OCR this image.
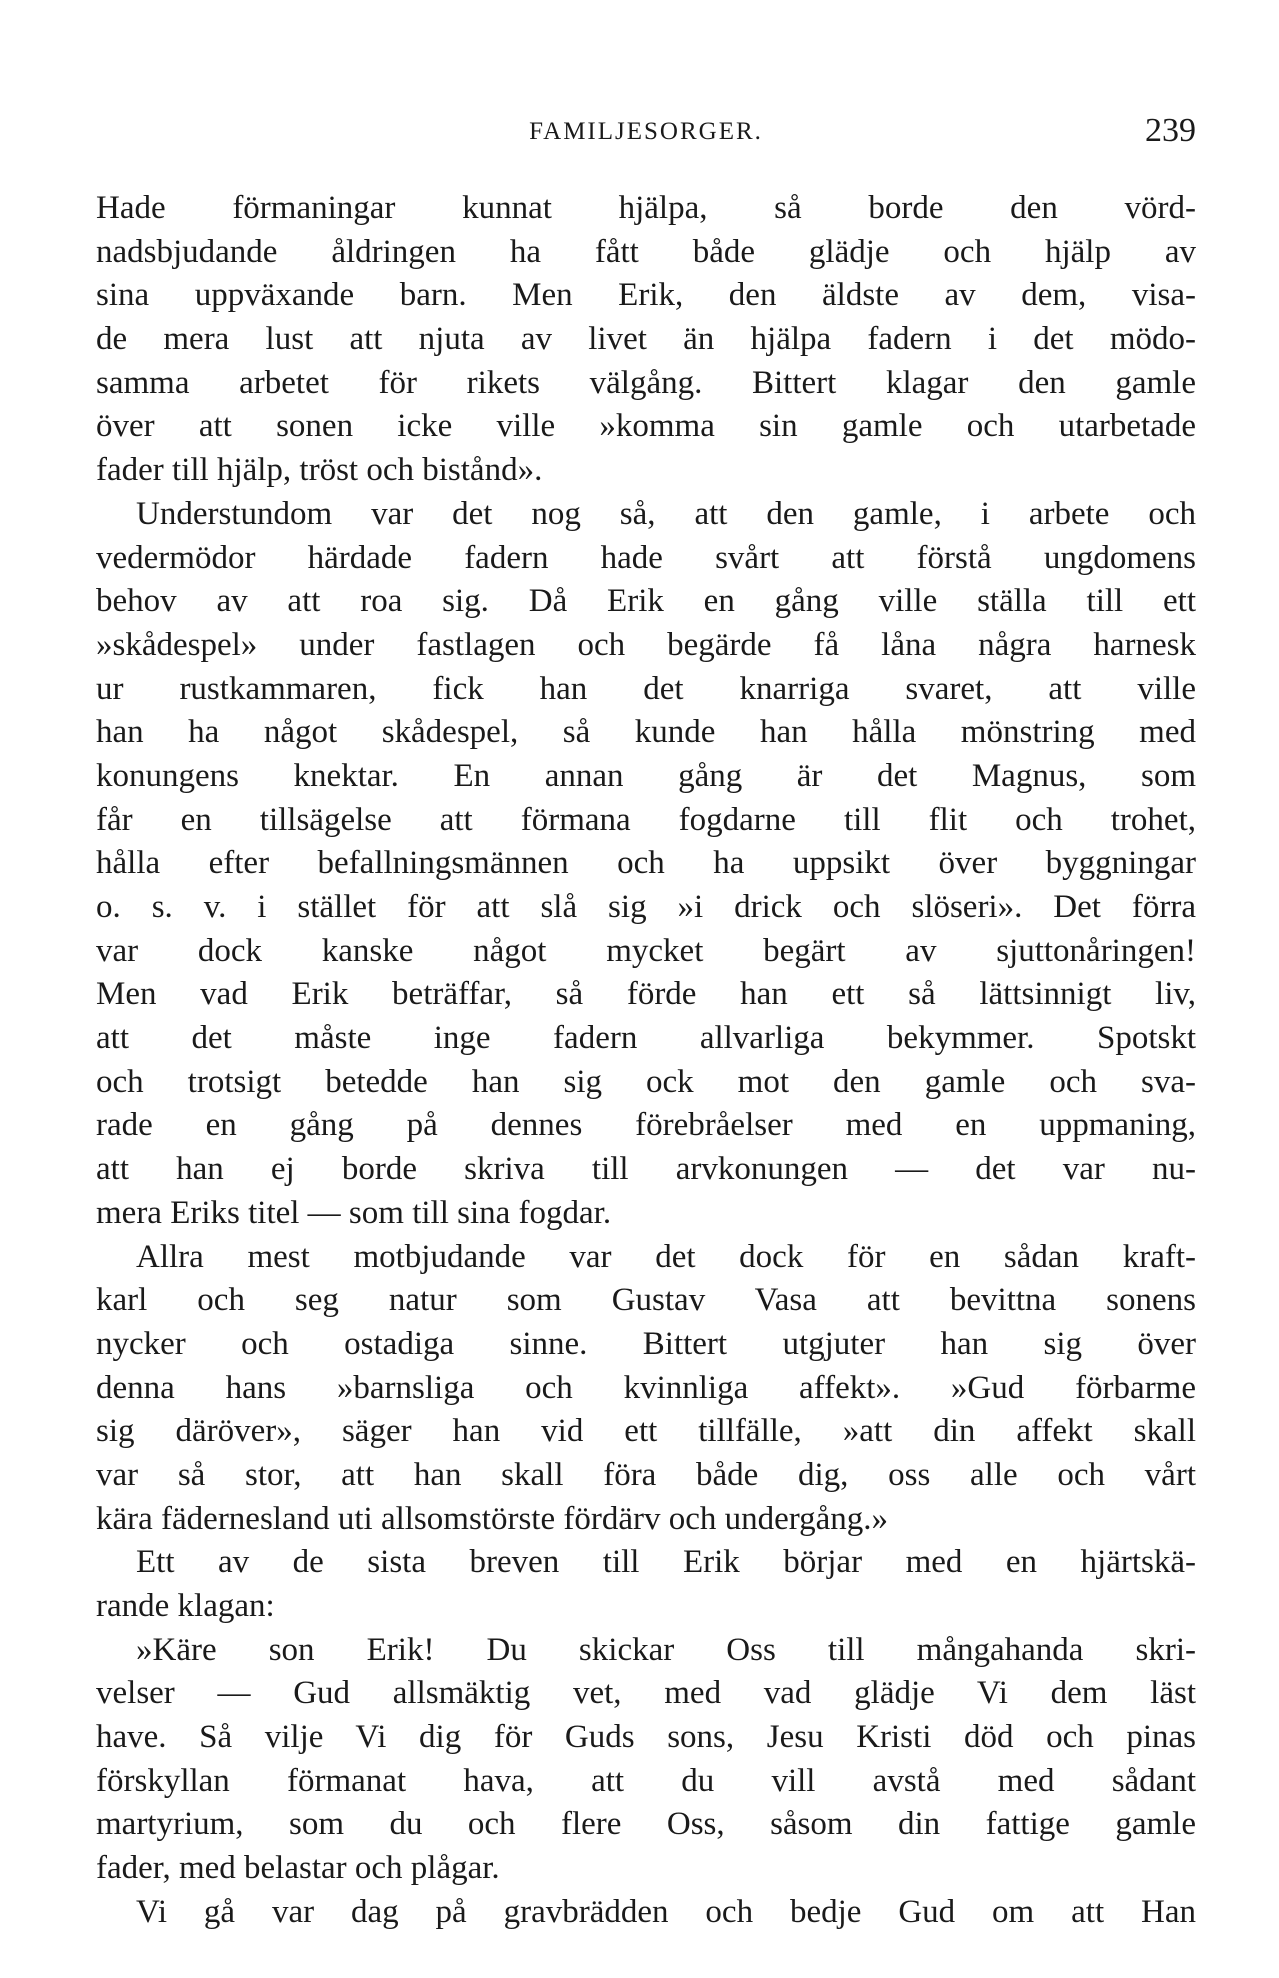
FAMILJESORGER.	239
Hade förmaningar kunnat hjälpa, så borde den vörd-
nadsbjudande åldringen ha fått både glädje och hjälp av
sina uppväxande barn. Men Erik, den äldste av dem, visa-
de mera lust att njuta av livet än hjälpa fadern i det mödo-
samma arbetet för rikets välgång. Bittert klagar den gamle
över att sonen icke ville »komma sin gamle och utarbetade
fader till hjälp, tröst och bistånd».
Understundom var det nog så, att den gamle, i arbete och
vedermödor härdade fadern hade svårt att förstå ungdomens
behov av att roa sig. Då Erik en gång ville ställa till ett
»skådespel» under fastlagen och begärde få låna några harnesk
ur rustkammaren, fick han det knarriga svaret, att ville
han ha något skådespel, så kunde han hålla mönstring med
konungens knektar. En annan gång är det Magnus, som
får en tillsägelse att förmana fogdarne till flit och trohet,
hålla efter befallningsmännen och ha uppsikt över byggningar
o. s. v. i stället för att slå sig »i drick och slöseri». Det förra
var dock kanske något mycket begärt av sjuttonåringen!
Men vad Erik beträffar, så förde han ett så lättsinnigt liv,
att det måste inge fadern allvarliga bekymmer. Spotskt
och trotsigt betedde han sig ock mot den gamle och sva-
rade en gång på dennes förebråelser med en uppmaning,
att han ej borde skriva till arvkonungen — det var nu-
mera Eriks titel — som till sina fogdar.
Allra mest motbjudande var det dock för en sådan kraft-
karl och seg natur som Gustav Vasa att bevittna sonens
nycker och ostadiga sinne. Bittert utgjuter han sig över
denna hans »barnsliga och kvinnliga affekt». »Gud förbarme
sig däröver», säger han vid ett tillfälle, »att din affekt skall
var så stor, att han skall föra både dig, oss alle och vårt
kära fädernesland uti allsomstörste fördärv och undergång.»
Ett av de sista breven till Erik börjar med en hjärtskä-
rande klagan:
»Käre son Erik! Du skickar Oss till mångahanda skri-
velser — Gud allsmäktig vet, med vad glädje Vi dem läst
have. Så vilje Vi dig för Guds sons, Jesu Kristi död och pinas
förskyllan förmanat hava, att du vill avstå med sådant
martyrium, som du och flere Oss, såsom din fattige gamle
fader, med belastar och plågar.
Vi gå var dag på gravbrädden och bedje Gud om att Han
